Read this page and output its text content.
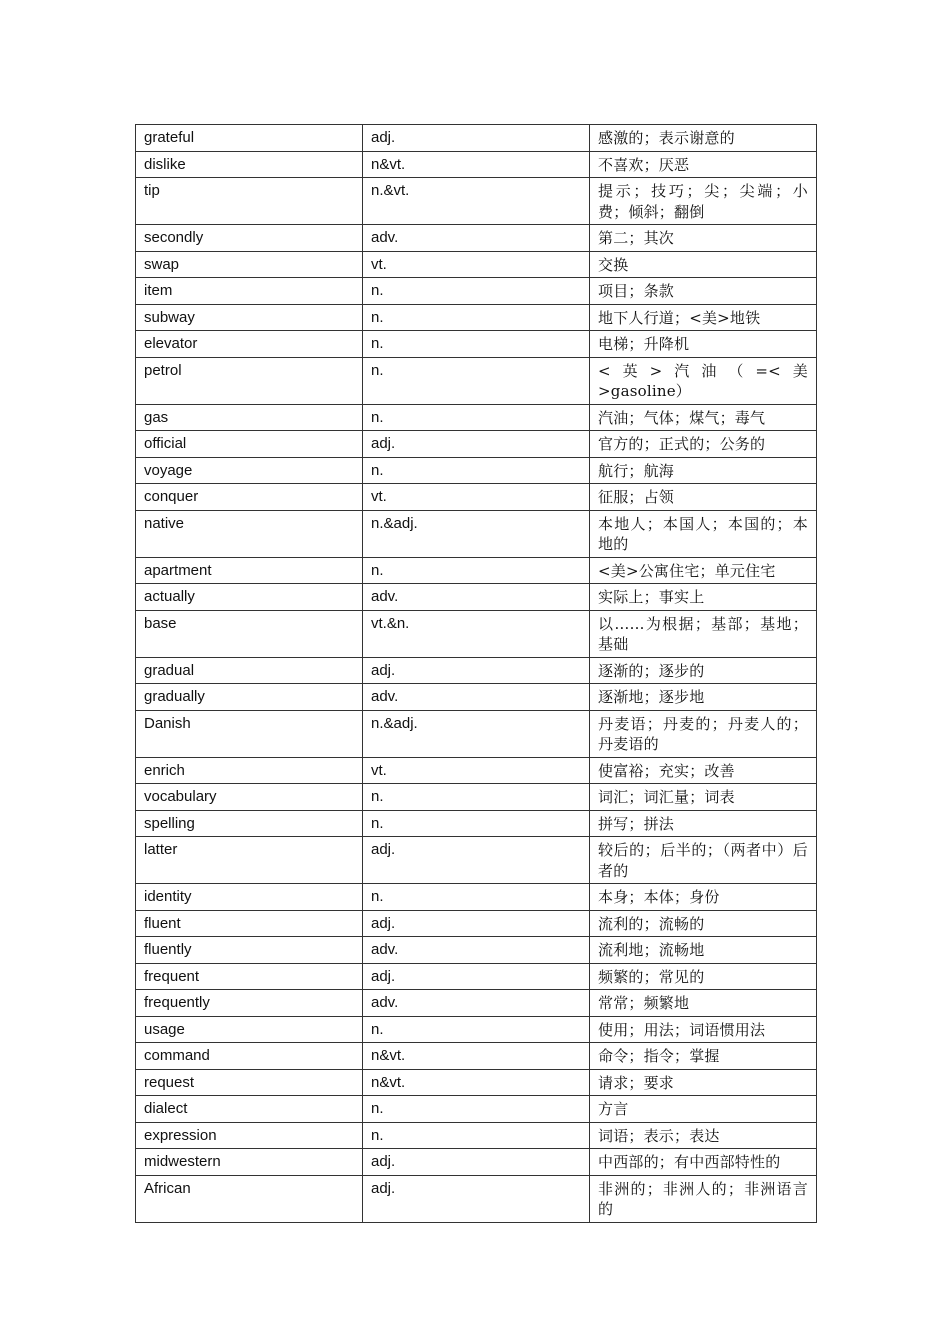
grateful	adj.	感激的；表示谢意的
dislike	n&vt.	不喜欢；厌恶
tip	n.&vt.	提示；技巧；尖；尖端；小费；倾斜；翻倒
secondly	adv.	第二；其次
swap	vt.	交换
item	n.	项目；条款
subway	n.	地下人行道；<美>地铁
elevator	n.	电梯；升降机
petrol	n.	<英>汽油（=<美>gasoline）
gas	n.	汽油；气体；煤气；毒气
official	adj.	官方的；正式的；公务的
voyage	n.	航行；航海
conquer	vt.	征服；占领
native	n.&adj.	本地人；本国人；本国的；本地的
apartment	n.	<美>公寓住宅；单元住宅
actually	adv.	实际上；事实上
base	vt.&n.	以……为根据；基部；基地；基础
gradual	adj.	逐渐的；逐步的
gradually	adv.	逐渐地；逐步地
Danish	n.&adj.	丹麦语；丹麦的；丹麦人的；丹麦语的
enrich	vt.	使富裕；充实；改善
vocabulary	n.	词汇；词汇量；词表
spelling	n.	拼写；拼法
latter	adj.	较后的；后半的；（两者中）后者的
identity	n.	本身；本体；身份
fluent	adj.	流利的；流畅的
fluently	adv.	流利地；流畅地
frequent	adj.	频繁的；常见的
frequently	adv.	常常；频繁地
usage	n.	使用；用法；词语惯用法
command	n&vt.	命令；指令；掌握
request	n&vt.	请求；要求
dialect	n.	方言
expression	n.	词语；表示；表达
midwestern	adj.	中西部的；有中西部特性的
African	adj.	非洲的；非洲人的；非洲语言的
